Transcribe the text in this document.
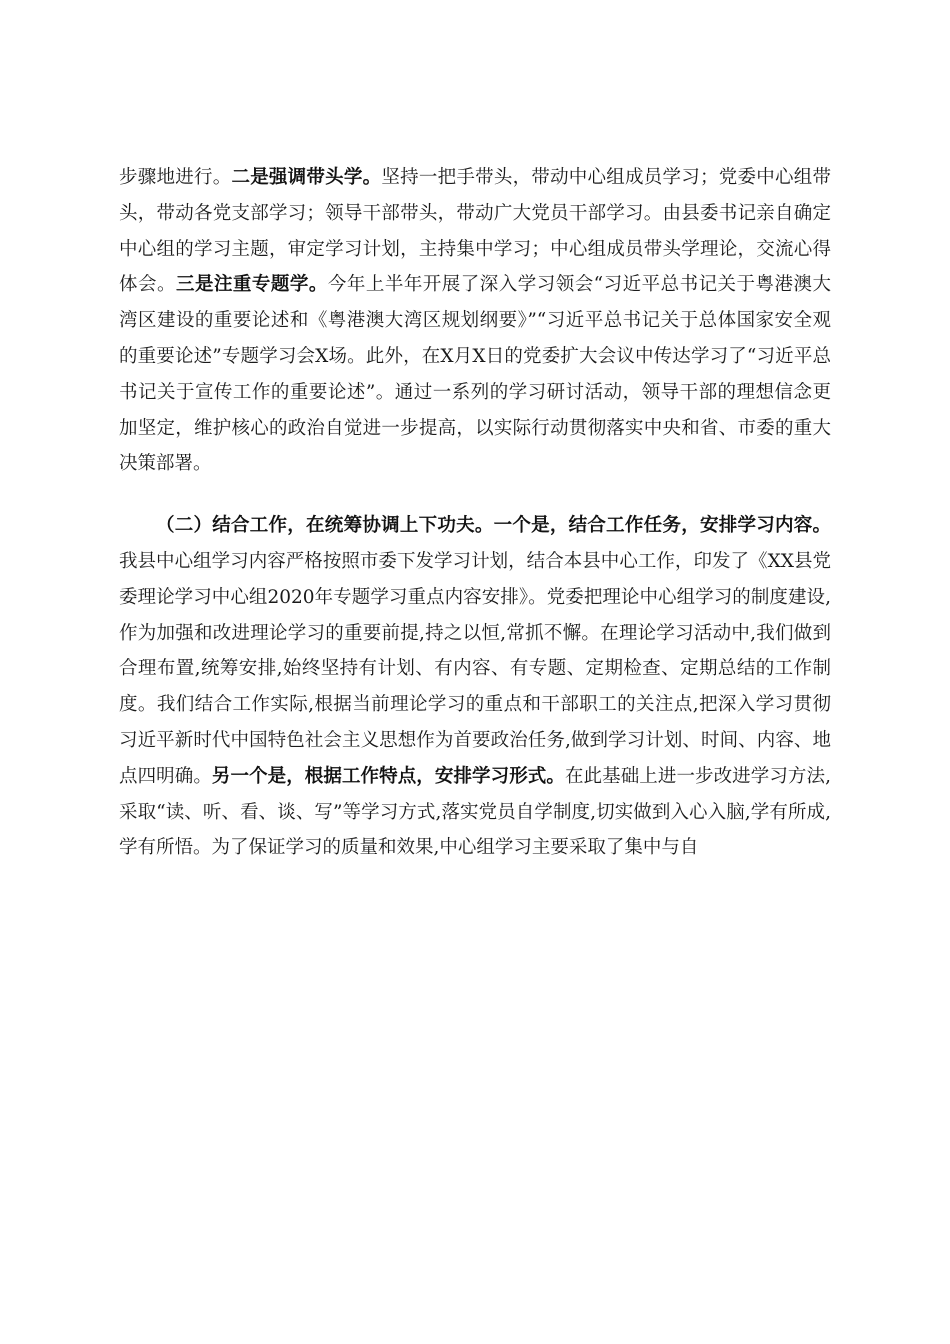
步骤地进行。二是强调带头学。坚持一把手带头，带动中心组成员学习；党委中心组带头，带动各党支部学习；领导干部带头，带动广大党员干部学习。由县委书记亲自确定中心组的学习主题，审定学习计划，主持集中学习；中心组成员带头学理论，交流心得体会。三是注重专题学。今年上半年开展了深入学习领会“习近平总书记关于粤港澳大湾区建设的重要论述和《粤港澳大湾区规划纲要》”“习近平总书记关于总体国家安全观的重要论述”专题学习会X场。此外，在X月X日的党委扩大会议中传达学习了“习近平总书记关于宣传工作的重要论述”。通过一系列的学习研讨活动，领导干部的理想信念更加坚定，维护核心的政治自觉进一步提高，以实际行动贯彻落实中央和省、市委的重大决策部署。

（二）结合工作，在统筹协调上下功夫。一个是，结合工作任务，安排学习内容。我县中心组学习内容严格按照市委下发学习计划，结合本县中心工作，印发了《XX县党委理论学习中心组2020年专题学习重点内容安排》。党委把理论中心组学习的制度建设,作为加强和改进理论学习的重要前提,持之以恒,常抓不懈。在理论学习活动中,我们做到合理布置,统筹安排,始终坚持有计划、有内容、有专题、定期检查、定期总结的工作制度。我们结合工作实际,根据当前理论学习的重点和干部职工的关注点,把深入学习贯彻习近平新时代中国特色社会主义思想作为首要政治任务,做到学习计划、时间、内容、地点四明确。另一个是，根据工作特点，安排学习形式。在此基础上进一步改进学习方法,采取“读、听、看、谈、写”等学习方式,落实党员自学制度,切实做到入心入脑,学有所成,学有所悟。为了保证学习的质量和效果,中心组学习主要采取了集中与自
